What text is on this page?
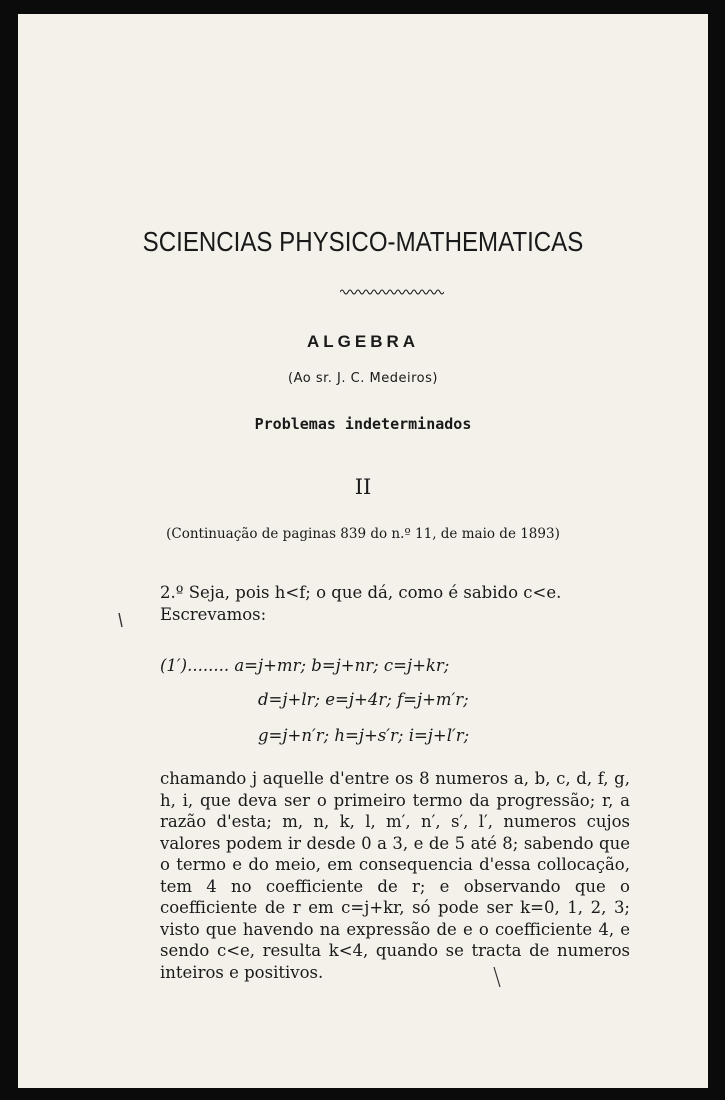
SCIENCIAS PHYSICO-MATHEMATICAS
ALGEBRA
(Ao sr. J. C. Medeiros)
Problemas indeterminados
II
(Continuação de paginas 839 do n.º 11, de maio de 1893)
2.º Seja, pois h<f; o que dá, como é sabido c<e. Escrevamos:
(1′)........ a=j+mr; b=j+nr; c=j+kr;
d=j+lr; e=j+4r; f=j+m′r;
g=j+n′r; h=j+s′r; i=j+l′r;
chamando j aquelle d'entre os 8 numeros a, b, c, d, f, g, h, i, que deva ser o primeiro termo da progressão; r, a razão d'esta; m, n, k, l, m′, n′, s′, l′, numeros cujos valores podem ir desde 0 a 3, e de 5 até 8; sabendo que o termo e do meio, em consequencia d'essa collocação, tem 4 no coefficiente de r; e observando que o coefficiente de r em c=j+kr, só pode ser k=0, 1, 2, 3; visto que havendo na expressão de e o coefficiente 4, e sendo c<e, resulta k<4, quando se tracta de numeros inteiros e positivos.
